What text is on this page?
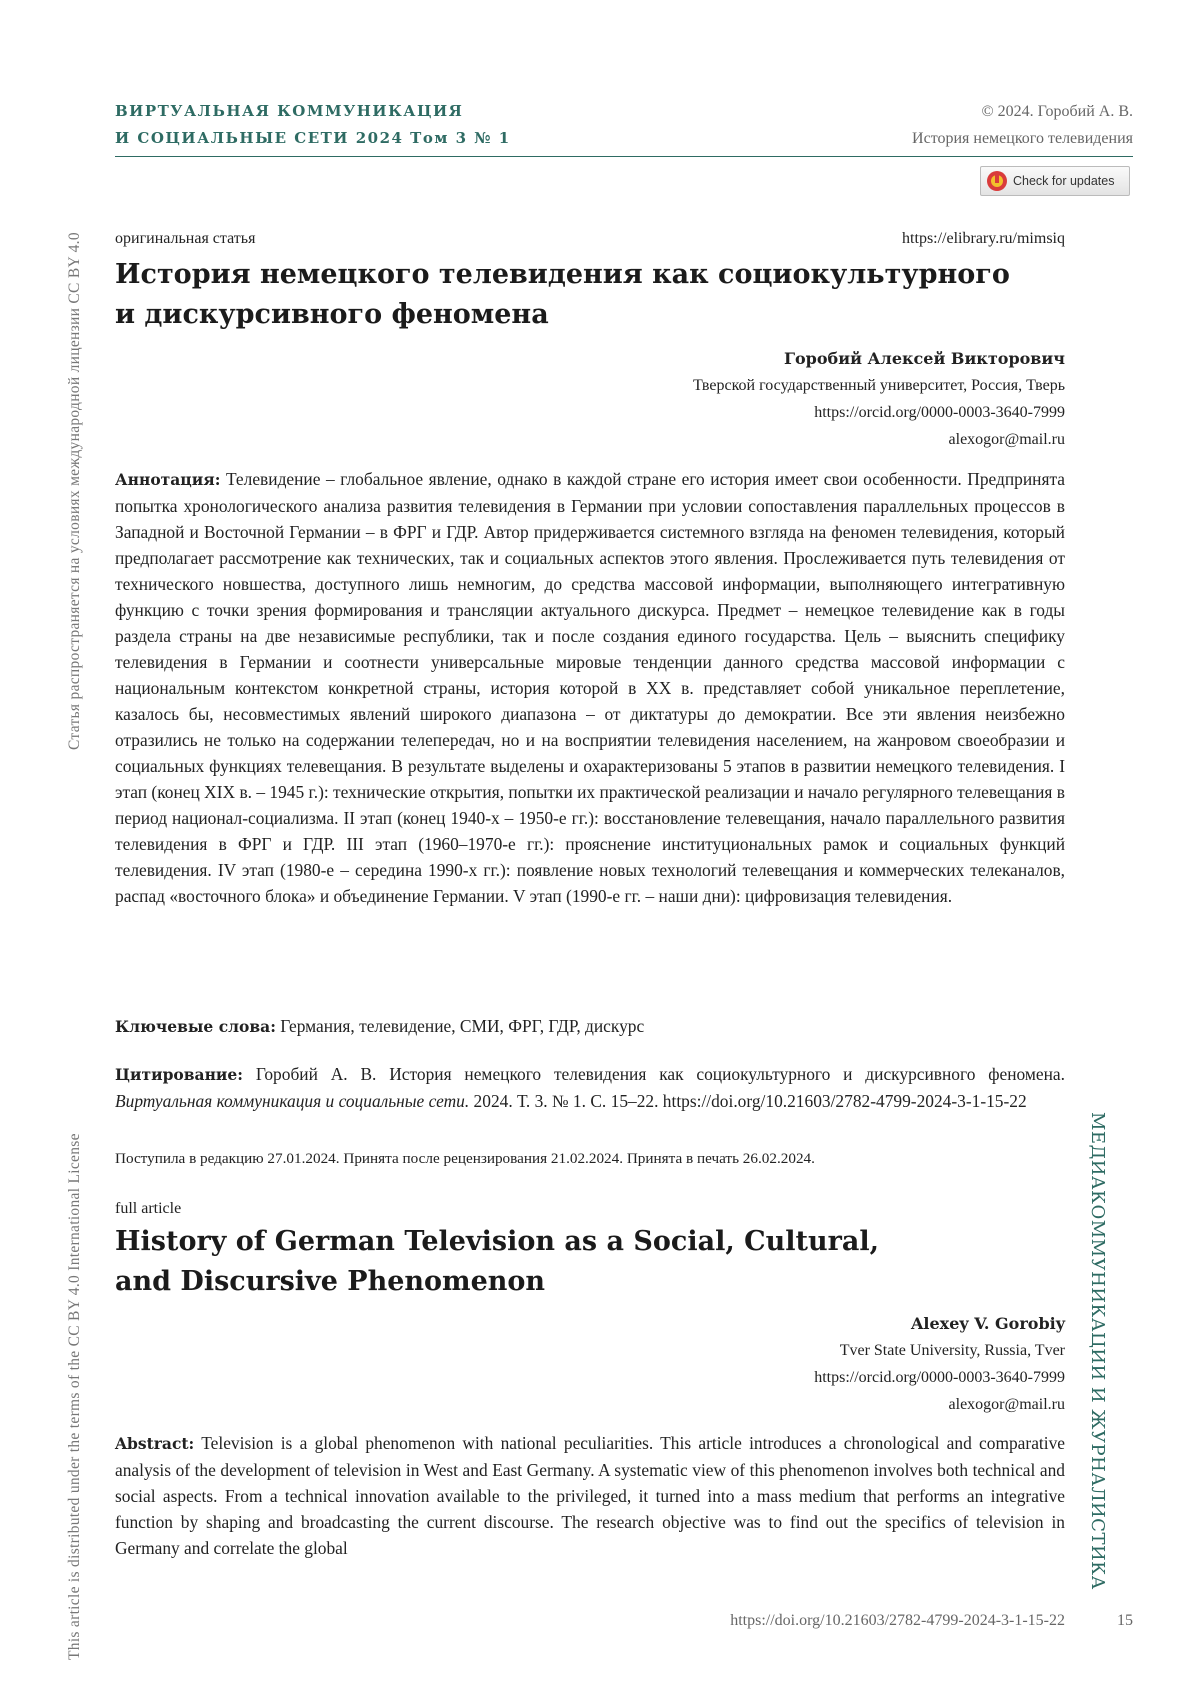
ВИРТУАЛЬНАЯ КОММУНИКАЦИЯ
И СОЦИАЛЬНЫЕ СЕТИ 2024 Том 3 № 1
© 2024. Горобий А. В.
История немецкого телевидения
Check for updates
оригинальная статья	https://elibrary.ru/mimsiq
История немецкого телевидения как социокультурного
и дискурсивного феномена
Горобий Алексей Викторович
Тверской государственный университет, Россия, Тверь
https://orcid.org/0000-0003-3640-7999
alexogor@mail.ru
Аннотация: Телевидение – глобальное явление, однако в каждой стране его история имеет свои особенности. Предпринята попытка хронологического анализа развития телевидения в Германии при условии сопоставления параллельных процессов в Западной и Восточной Германии – в ФРГ и ГДР. Автор придерживается системного взгляда на феномен телевидения, который предполагает рассмотрение как технических, так и социальных аспектов этого явления. Прослеживается путь телевидения от технического новшества, доступного лишь немногим, до средства массовой информации, выполняющего интегративную функцию с точки зрения формирования и трансляции актуального дискурса. Предмет – немецкое телевидение как в годы раздела страны на две независимые республики, так и после создания единого государства. Цель – выяснить специфику телевидения в Германии и соотнести универсальные мировые тенденции данного средства массовой информации с национальным контекстом конкретной страны, история которой в XX в. представляет собой уникальное переплетение, казалось бы, несовместимых явлений широкого диапазона – от диктатуры до демократии. Все эти явления неизбежно отразились не только на содержании телепередач, но и на восприятии телевидения населением, на жанровом своеобразии и социальных функциях телевещания. В результате выделены и охарактеризованы 5 этапов в развитии немецкого телевидения. I этап (конец XIX в. – 1945 г.): технические открытия, попытки их практической реализации и начало регулярного телевещания в период национал-социализма. II этап (конец 1940-х – 1950-е гг.): восстановление телевещания, начало параллельного развития телевидения в ФРГ и ГДР. III этап (1960–1970-е гг.): прояснение институциональных рамок и социальных функций телевидения. IV этап (1980-е – середина 1990-х гг.): появление новых технологий телевещания и коммерческих телеканалов, распад «восточного блока» и объединение Германии. V этап (1990-е гг. – наши дни): цифровизация телевидения.
Ключевые слова: Германия, телевидение, СМИ, ФРГ, ГДР, дискурс
Цитирование: Горобий А. В. История немецкого телевидения как социокультурного и дискурсивного феномена. Виртуальная коммуникация и социальные сети. 2024. Т. 3. № 1. С. 15–22. https://doi.org/10.21603/2782-4799-2024-3-1-15-22
Поступила в редакцию 27.01.2024. Принята после рецензирования 21.02.2024. Принята в печать 26.02.2024.
full article
History of German Television as a Social, Cultural,
and Discursive Phenomenon
Alexey V. Gorobiy
Tver State University, Russia, Tver
https://orcid.org/0000-0003-3640-7999
alexogor@mail.ru
Abstract: Television is a global phenomenon with national peculiarities. This article introduces a chronological and comparative analysis of the development of television in West and East Germany. A systematic view of this phenomenon involves both technical and social aspects. From a technical innovation available to the privileged, it turned into a mass medium that performs an integrative function by shaping and broadcasting the current discourse. The research objective was to find out the specifics of television in Germany and correlate the global
This article is distributed under the terms of the CC BY 4.0 International License
Статья распространяется на условиях международной лицензии CC BY 4.0
МЕДИАКОММУНИКАЦИИ И ЖУРНАЛИСТИКА
https://doi.org/10.21603/2782-4799-2024-3-1-15-22	15
